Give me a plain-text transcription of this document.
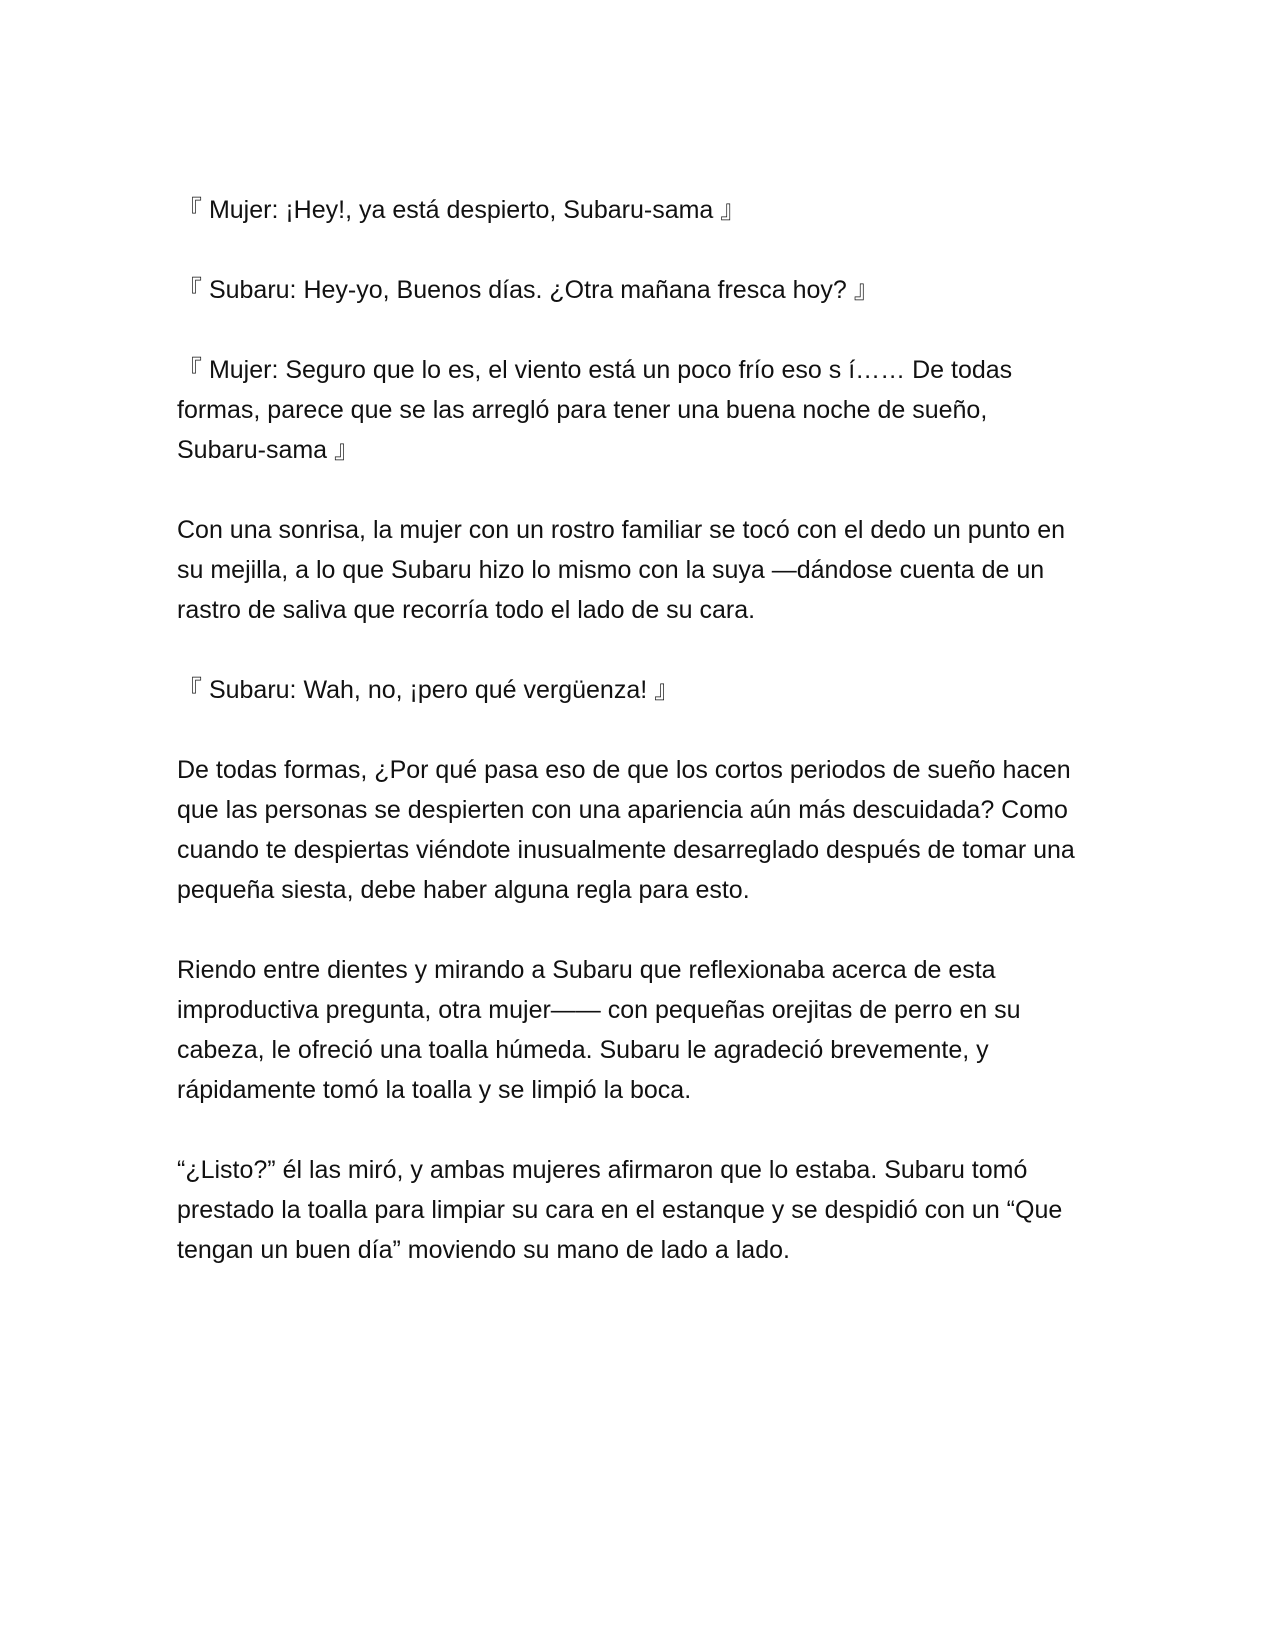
『 Mujer: ¡Hey!, ya está despierto, Subaru-sama 』

『 Subaru: Hey-yo, Buenos días. ¿Otra mañana fresca hoy? 』

『 Mujer: Seguro que lo es, el viento está un poco frío eso s í…… De todas formas, parece que se las arregló para tener una buena noche de sueño, Subaru-sama 』

Con una sonrisa, la mujer con un rostro familiar se tocó con el dedo un punto en su mejilla, a lo que Subaru hizo lo mismo con la suya —dándose cuenta de un rastro de saliva que recorría todo el lado de su cara.

『 Subaru: Wah, no, ¡pero qué vergüenza! 』

De todas formas, ¿Por qué pasa eso de que los cortos periodos de sueño hacen que las personas se despierten con una apariencia aún más descuidada? Como cuando te despiertas viéndote inusualmente desarreglado después de tomar una pequeña siesta, debe haber alguna regla para esto.

Riendo entre dientes y mirando a Subaru que reflexionaba acerca de esta improductiva pregunta, otra mujer—— con pequeñas orejitas de perro en su cabeza, le ofreció una toalla húmeda. Subaru le agradeció brevemente, y rápidamente tomó la toalla y se limpió la boca.

“¿Listo?” él las miró, y ambas mujeres afirmaron que lo estaba. Subaru tomó prestado la toalla para limpiar su cara en el estanque y se despidió con un “Que tengan un buen día” moviendo su mano de lado a lado.
